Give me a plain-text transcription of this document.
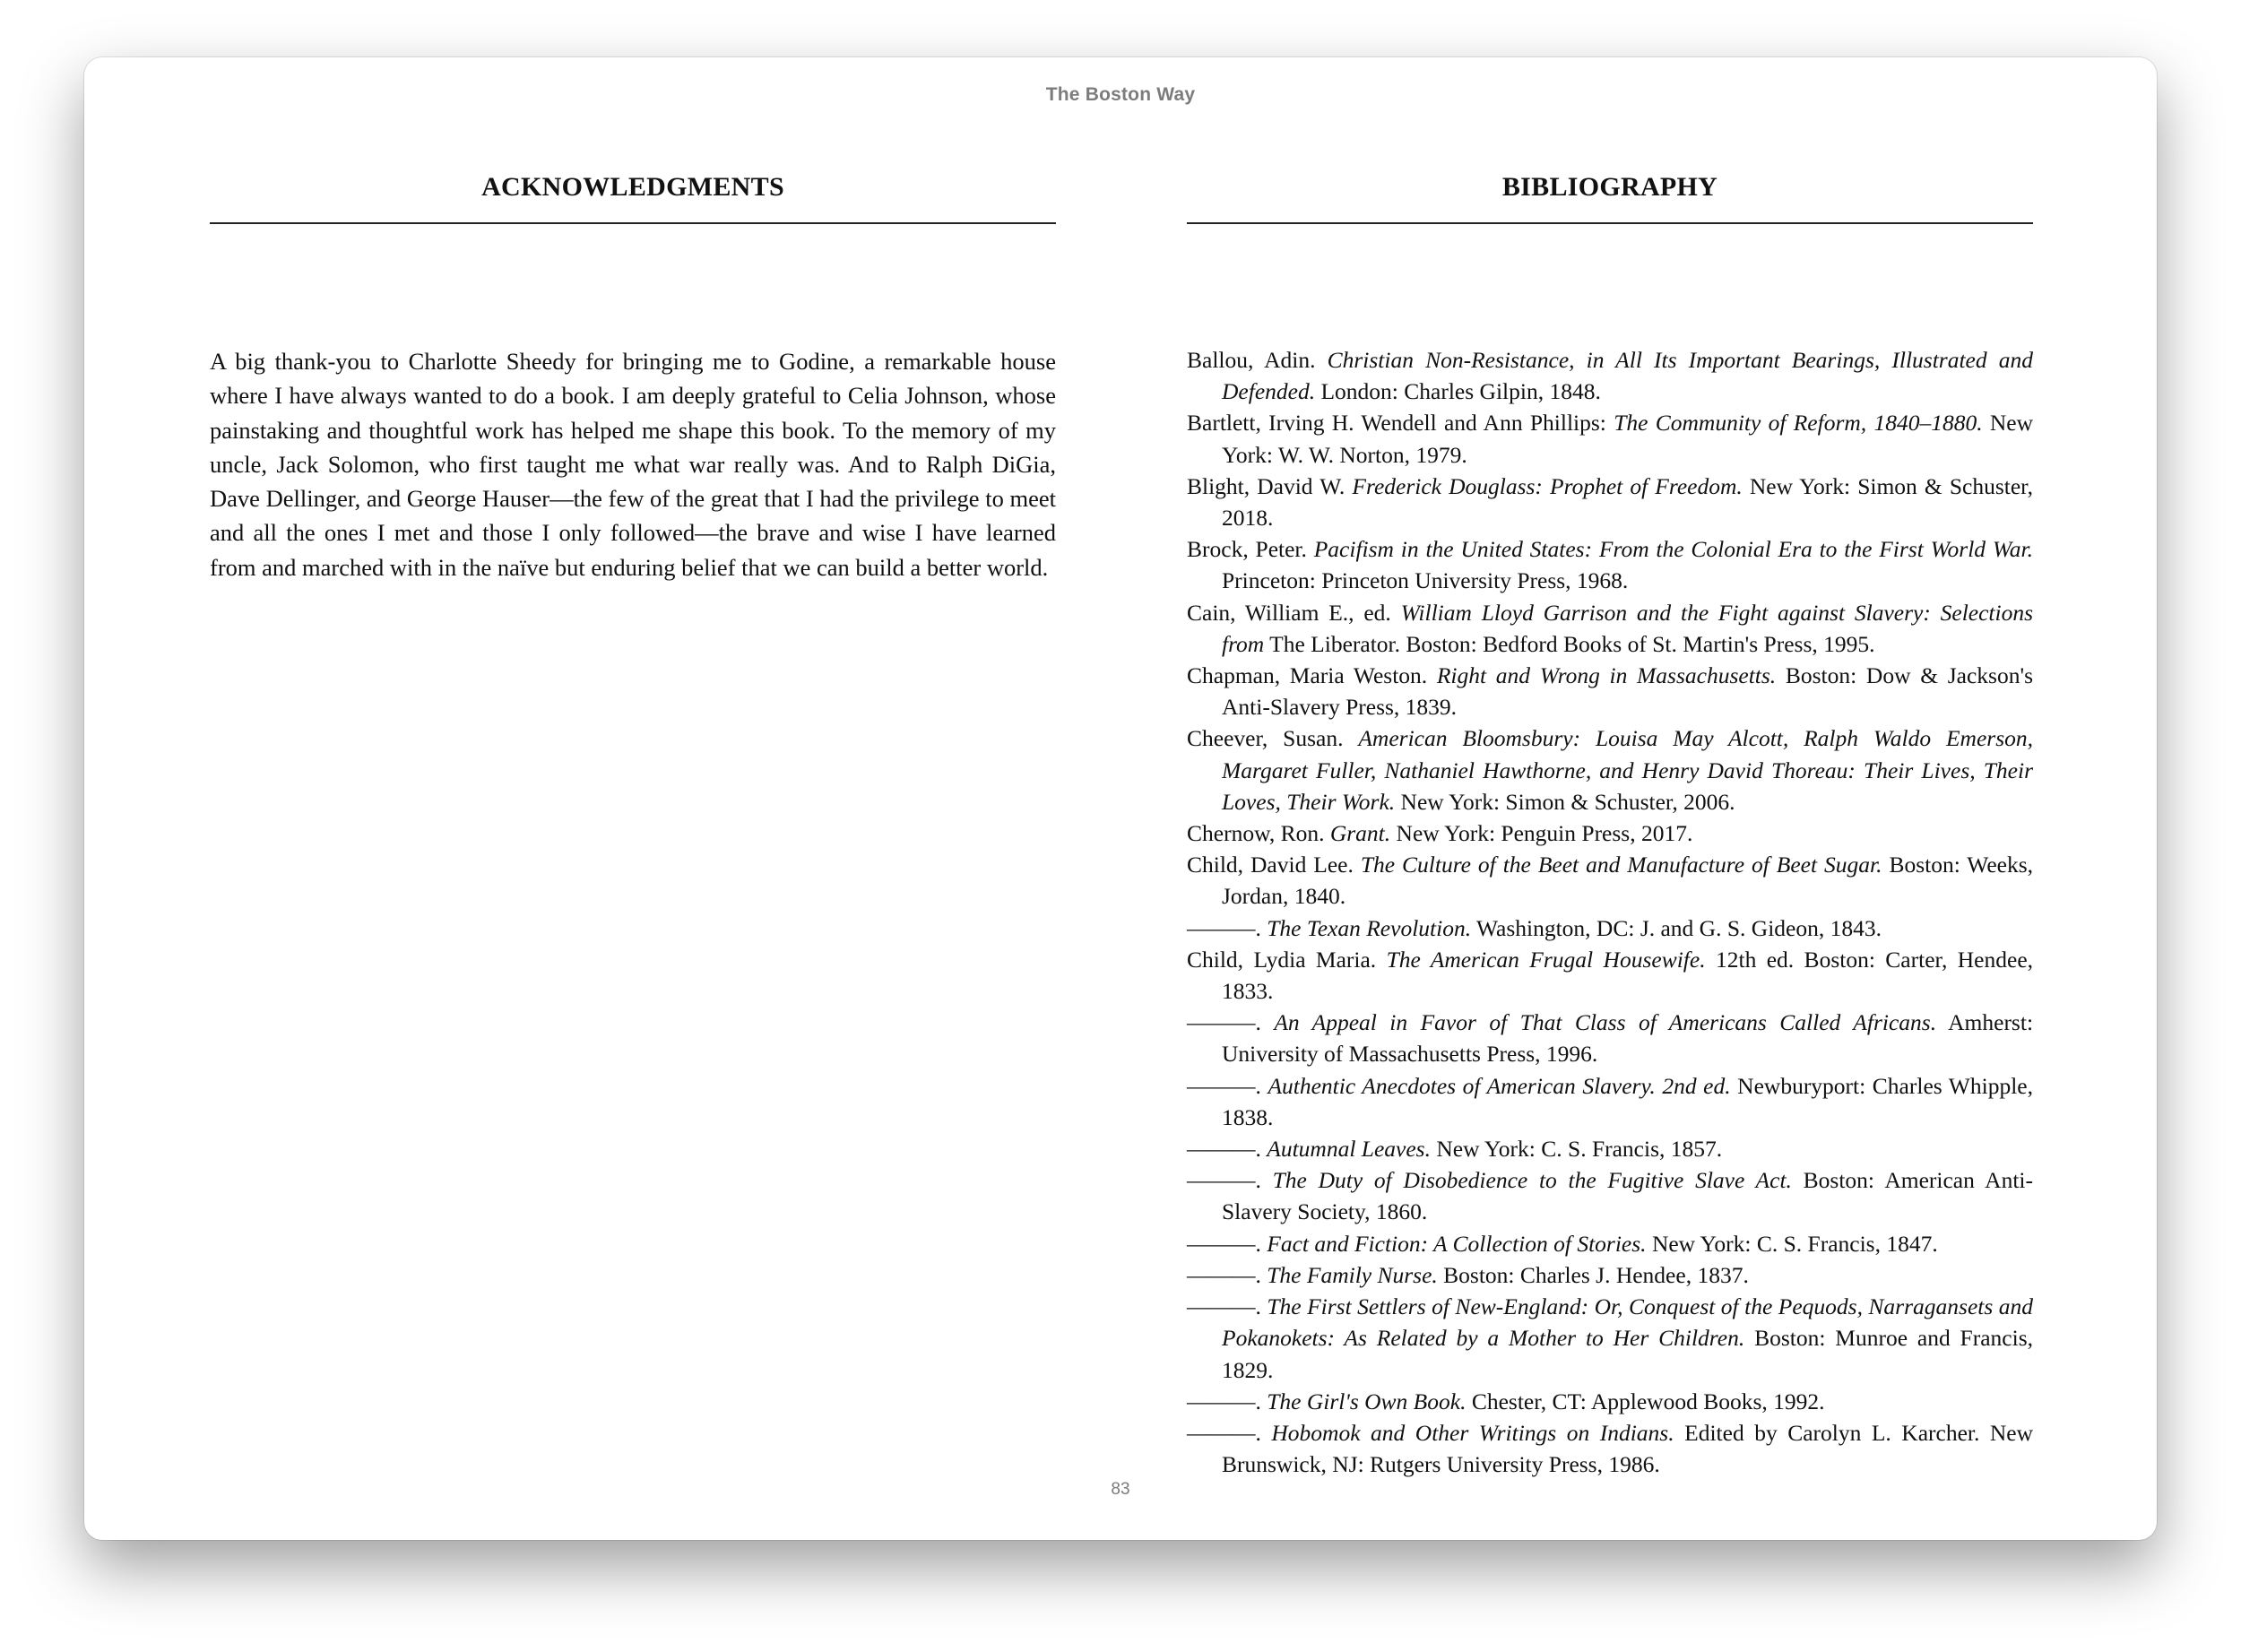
The Boston Way
ACKNOWLEDGMENTS
A big thank-you to Charlotte Sheedy for bringing me to Godine, a remarkable house where I have always wanted to do a book. I am deeply grateful to Celia Johnson, whose painstaking and thoughtful work has helped me shape this book. To the memory of my uncle, Jack Solomon, who first taught me what war really was. And to Ralph DiGia, Dave Dellinger, and George Hauser—the few of the great that I had the privilege to meet and all the ones I met and those I only followed—the brave and wise I have learned from and marched with in the naïve but enduring belief that we can build a better world.
BIBLIOGRAPHY
Ballou, Adin. Christian Non-Resistance, in All Its Important Bearings, Illustrated and Defended. London: Charles Gilpin, 1848.
Bartlett, Irving H. Wendell and Ann Phillips: The Community of Reform, 1840–1880. New York: W. W. Norton, 1979.
Blight, David W. Frederick Douglass: Prophet of Freedom. New York: Simon & Schuster, 2018.
Brock, Peter. Pacifism in the United States: From the Colonial Era to the First World War. Princeton: Princeton University Press, 1968.
Cain, William E., ed. William Lloyd Garrison and the Fight against Slavery: Selections from The Liberator. Boston: Bedford Books of St. Martin's Press, 1995.
Chapman, Maria Weston. Right and Wrong in Massachusetts. Boston: Dow & Jackson's Anti-Slavery Press, 1839.
Cheever, Susan. American Bloomsbury: Louisa May Alcott, Ralph Waldo Emerson, Margaret Fuller, Nathaniel Hawthorne, and Henry David Thoreau: Their Lives, Their Loves, Their Work. New York: Simon & Schuster, 2006.
Chernow, Ron. Grant. New York: Penguin Press, 2017.
Child, David Lee. The Culture of the Beet and Manufacture of Beet Sugar. Boston: Weeks, Jordan, 1840.
———. The Texan Revolution. Washington, DC: J. and G. S. Gideon, 1843.
Child, Lydia Maria. The American Frugal Housewife. 12th ed. Boston: Carter, Hendee, 1833.
———. An Appeal in Favor of That Class of Americans Called Africans. Amherst: University of Massachusetts Press, 1996.
———. Authentic Anecdotes of American Slavery. 2nd ed. Newburyport: Charles Whipple, 1838.
———. Autumnal Leaves. New York: C. S. Francis, 1857.
———. The Duty of Disobedience to the Fugitive Slave Act. Boston: American Anti-Slavery Society, 1860.
———. Fact and Fiction: A Collection of Stories. New York: C. S. Francis, 1847.
———. The Family Nurse. Boston: Charles J. Hendee, 1837.
———. The First Settlers of New-England: Or, Conquest of the Pequods, Narragansets and Pokanokets: As Related by a Mother to Her Children. Boston: Munroe and Francis, 1829.
———. The Girl's Own Book. Chester, CT: Applewood Books, 1992.
———. Hobomok and Other Writings on Indians. Edited by Carolyn L. Karcher. New Brunswick, NJ: Rutgers University Press, 1986.
83
